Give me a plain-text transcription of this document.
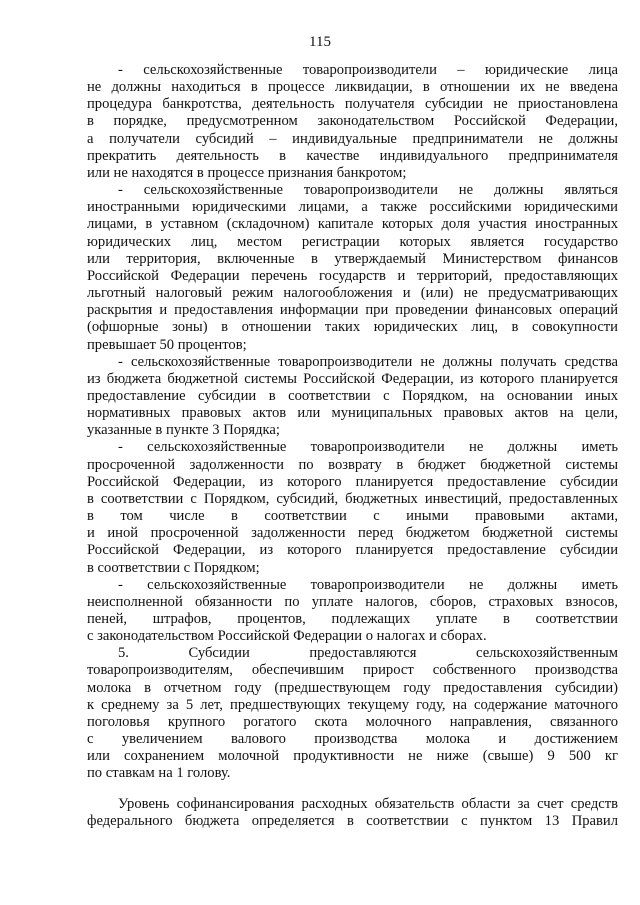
115

- сельскохозяйственные товаропроизводители – юридические лица

не должны находиться в процессе ликвидации, в отношении их не введена

процедура банкротства, деятельность получателя субсидии не приостановлена

в порядке, предусмотренном законодательством Российской Федерации,

а получатели субсидий – индивидуальные предприниматели не должны

прекратить деятельность в качестве индивидуального предпринимателя

или не находятся в процессе признания банкротом;

- сельскохозяйственные товаропроизводители не должны являться

иностранными юридическими лицами, а также российскими юридическими

лицами, в уставном (складочном) капитале которых доля участия иностранных

юридических лиц, местом регистрации которых является государство

или территория, включенные в утверждаемый Министерством финансов

Российской Федерации перечень государств и территорий, предоставляющих

льготный налоговый режим налогообложения и (или) не предусматривающих

раскрытия и предоставления информации при проведении финансовых операций

(офшорные зоны) в отношении таких юридических лиц, в совокупности

превышает 50 процентов;

- сельскохозяйственные товаропроизводители не должны получать средства

из бюджета бюджетной системы Российской Федерации, из которого планируется

предоставление субсидии в соответствии с Порядком, на основании иных

нормативных правовых актов или муниципальных правовых актов на цели,

указанные в пункте 3 Порядка;

- сельскохозяйственные товаропроизводители не должны иметь

просроченной задолженности по возврату в бюджет бюджетной системы

Российской Федерации, из которого планируется предоставление субсидии

в соответствии с Порядком, субсидий, бюджетных инвестиций, предоставленных

в том числе в соответствии с иными правовыми актами,

и иной просроченной задолженности перед бюджетом бюджетной системы

Российской Федерации, из которого планируется предоставление субсидии

в соответствии с Порядком;

- сельскохозяйственные товаропроизводители не должны иметь

неисполненной обязанности по уплате налогов, сборов, страховых взносов,

пеней, штрафов, процентов, подлежащих уплате в соответствии

с законодательством Российской Федерации о налогах и сборах.

5. Субсидии предоставляются сельскохозяйственным

товаропроизводителям, обеспечившим прирост собственного производства

молока в отчетном году (предшествующем году предоставления субсидии)

к среднему за 5 лет, предшествующих текущему году, на содержание маточного

поголовья крупного рогатого скота молочного направления, связанного

с увеличением валового производства молока и достижением

или сохранением молочной продуктивности не ниже (свыше) 9 500 кг

по ставкам на 1 голову.

Уровень софинансирования расходных обязательств области за счет средств

федерального бюджета определяется в соответствии с пунктом 13 Правил
